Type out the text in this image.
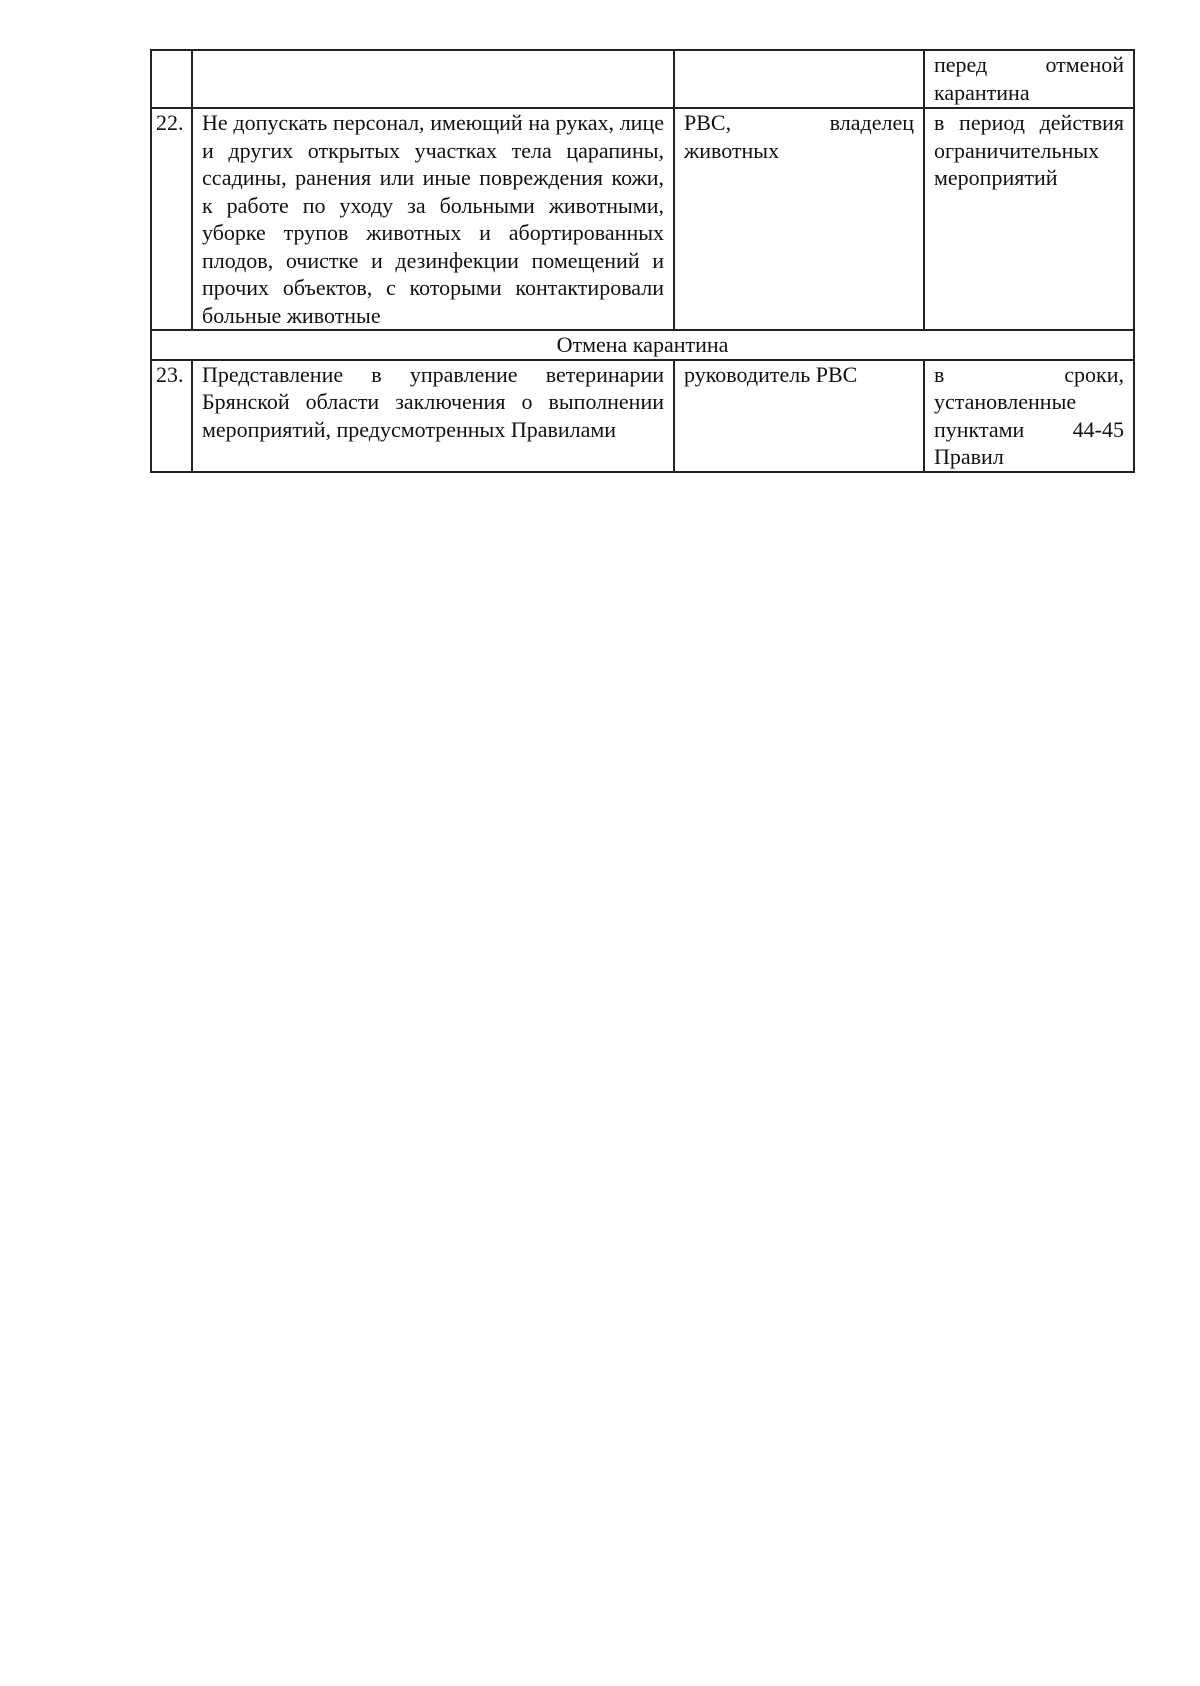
			перед отменой карантина

22.	Не допускать персонал, имеющий на руках, лице и других открытых участках тела царапины, ссадины, ранения или иные повреждения кожи, к работе по уходу за больными животными, уборке трупов животных и абортированных плодов, очистке и дезинфекции помещений и прочих объектов, с которыми контактировали больные животные	РВС, владелец животных	в период действия ограничительных мероприятий

Отмена карантина			
23.	Представление в управление ветеринарии Брянской области заключения о выполнении мероприятий, предусмотренных Правилами	руководитель РВС	в сроки, установленные пунктами 44-45 Правил
